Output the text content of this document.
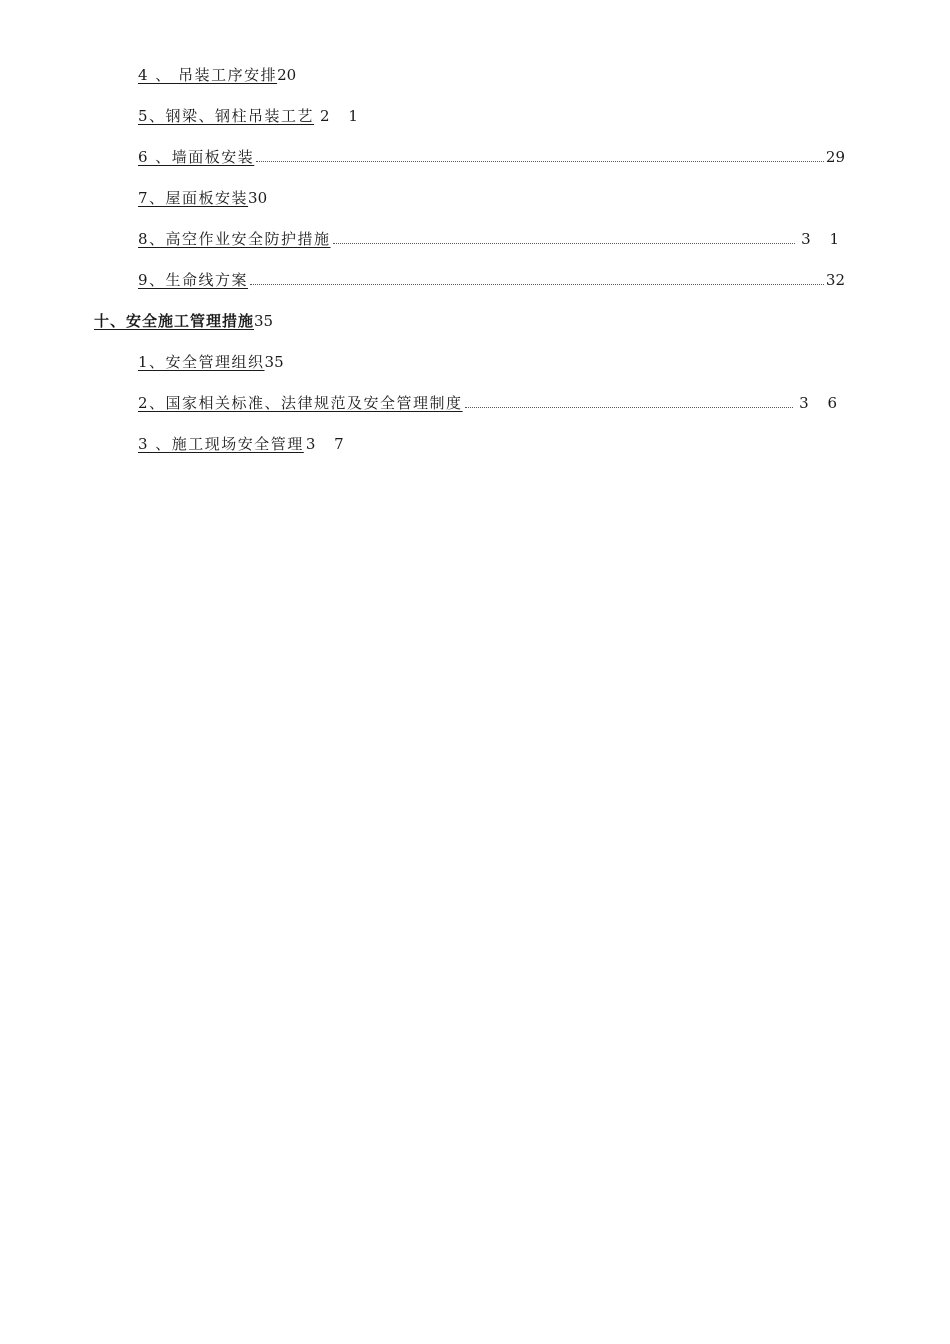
4 、 吊装工序安排 20
5、钢梁、钢柱吊装工艺 2 1
6 、墙面板安装	29
7、屋面板安装 30
8、高空作业安全防护措施	3 1
9、生命线方案	32
十、安全施工管理措施 35
1、安全管理组织 35
2、国家相关标准、法律规范及安全管理制度	3 6
3 、施工现场安全管理 3 7
